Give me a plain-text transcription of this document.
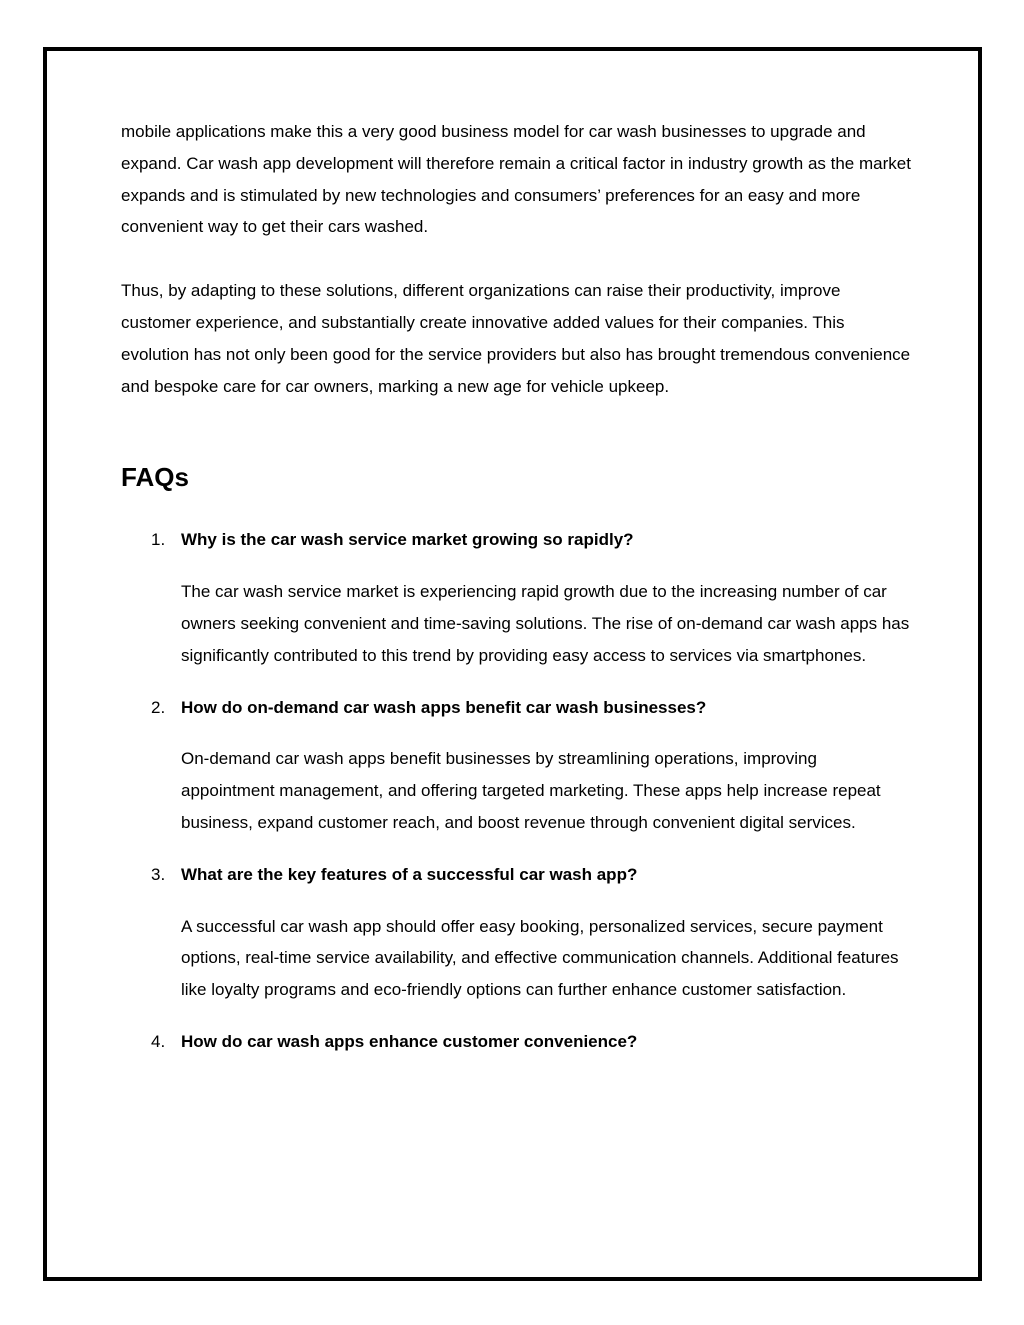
mobile applications make this a very good business model for car wash businesses to upgrade and expand. Car wash app development will therefore remain a critical factor in industry growth as the market expands and is stimulated by new technologies and consumers’ preferences for an easy and more convenient way to get their cars washed.

Thus, by adapting to these solutions, different organizations can raise their productivity, improve customer experience, and substantially create innovative added values for their companies. This evolution has not only been good for the service providers but also has brought tremendous convenience and bespoke care for car owners, marking a new age for vehicle upkeep.

FAQs
1. Why is the car wash service market growing so rapidly?

The car wash service market is experiencing rapid growth due to the increasing number of car owners seeking convenient and time-saving solutions. The rise of on-demand car wash apps has significantly contributed to this trend by providing easy access to services via smartphones.

2. How do on-demand car wash apps benefit car wash businesses?

On-demand car wash apps benefit businesses by streamlining operations, improving appointment management, and offering targeted marketing. These apps help increase repeat business, expand customer reach, and boost revenue through convenient digital services.

3. What are the key features of a successful car wash app?

A successful car wash app should offer easy booking, personalized services, secure payment options, real-time service availability, and effective communication channels. Additional features like loyalty programs and eco-friendly options can further enhance customer satisfaction.

4. How do car wash apps enhance customer convenience?
